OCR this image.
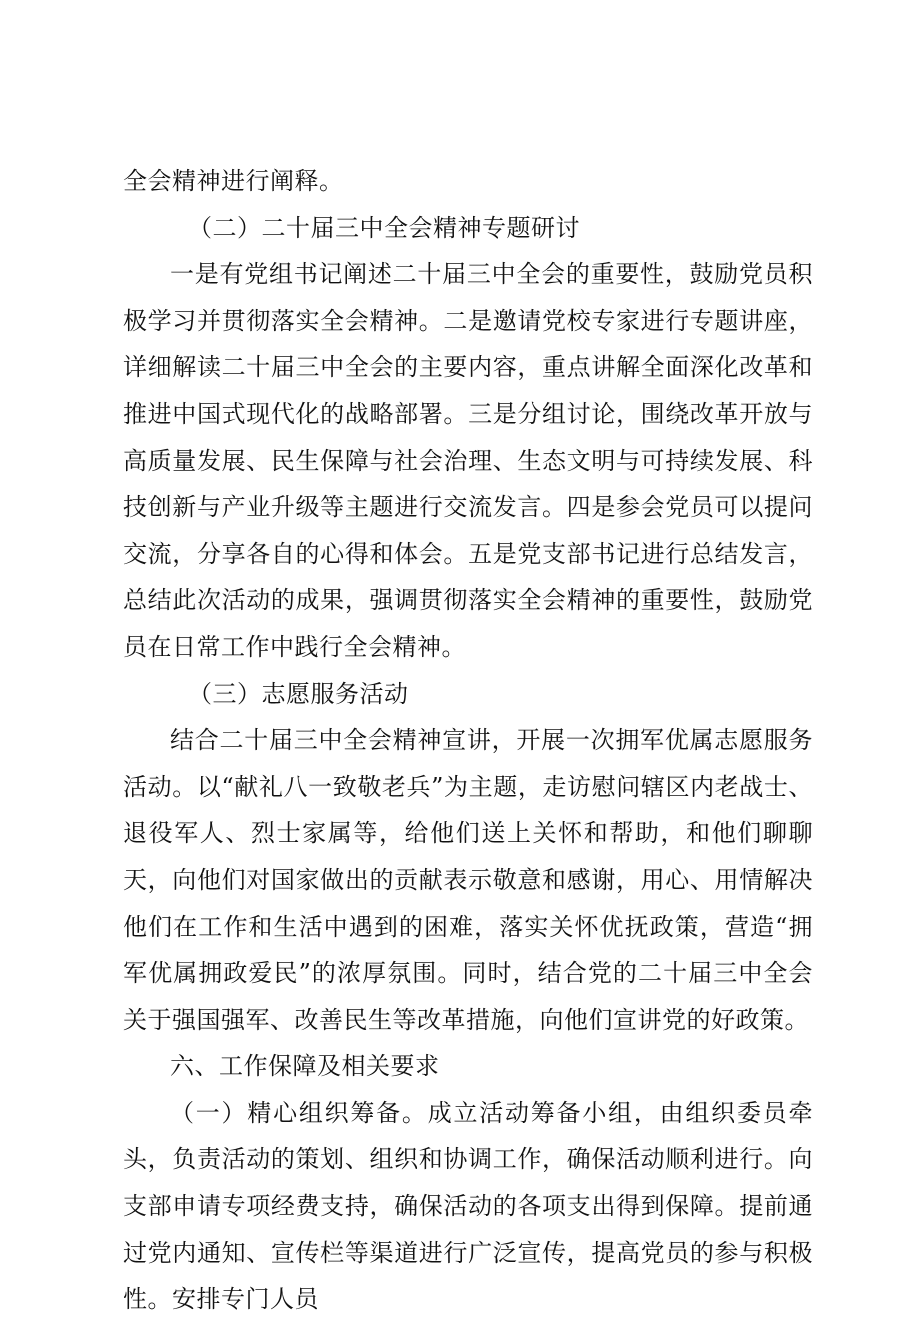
全会精神进行阐释。

（二）二十届三中全会精神专题研讨

一是有党组书记阐述二十届三中全会的重要性，鼓励党员积极学习并贯彻落实全会精神。二是邀请党校专家进行专题讲座，详细解读二十届三中全会的主要内容，重点讲解全面深化改革和推进中国式现代化的战略部署。三是分组讨论，围绕改革开放与高质量发展、民生保障与社会治理、生态文明与可持续发展、科技创新与产业升级等主题进行交流发言。四是参会党员可以提问交流，分享各自的心得和体会。五是党支部书记进行总结发言，总结此次活动的成果，强调贯彻落实全会精神的重要性，鼓励党员在日常工作中践行全会精神。

（三）志愿服务活动

结合二十届三中全会精神宣讲，开展一次拥军优属志愿服务活动。以“献礼八一致敬老兵”为主题，走访慰问辖区内老战士、退役军人、烈士家属等，给他们送上关怀和帮助，和他们聊聊天，向他们对国家做出的贡献表示敬意和感谢，用心、用情解决他们在工作和生活中遇到的困难，落实关怀优抚政策，营造“拥军优属拥政爱民”的浓厚氛围。同时，结合党的二十届三中全会关于强国强军、改善民生等改革措施，向他们宣讲党的好政策。

六、工作保障及相关要求

（一）精心组织筹备。成立活动筹备小组，由组织委员牵头，负责活动的策划、组织和协调工作，确保活动顺利进行。向支部申请专项经费支持，确保活动的各项支出得到保障。提前通过党内通知、宣传栏等渠道进行广泛宣传，提高党员的参与积极性。安排专门人员
